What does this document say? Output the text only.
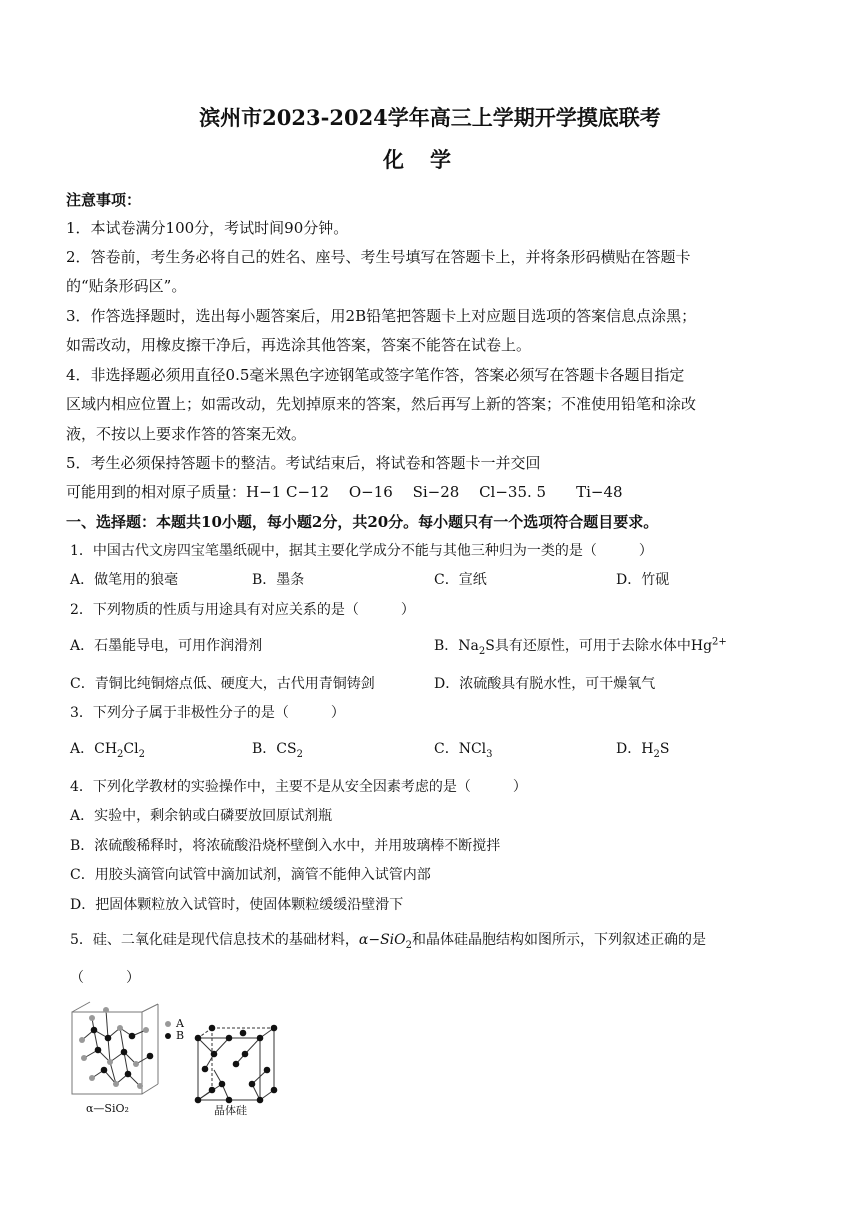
滨州市2023-2024学年高三上学期开学摸底联考
化学
注意事项：
1．本试卷满分100分，考试时间90分钟。
2．答卷前，考生务必将自己的姓名、座号、考生号填写在答题卡上，并将条形码横贴在答题卡
的“贴条形码区”。
3．作答选择题时，选出每小题答案后，用2B铅笔把答题卡上对应题目选项的答案信息点涂黑；
如需改动，用橡皮擦干净后，再选涂其他答案，答案不能答在试卷上。
4．非选择题必须用直径0.5毫米黑色字迹钢笔或签字笔作答，答案必须写在答题卡各题目指定
区域内相应位置上；如需改动，先划掉原来的答案，然后再写上新的答案；不准使用铅笔和涂改
液，不按以上要求作答的答案无效。
5．考生必须保持答题卡的整洁。考试结束后，将试卷和答题卡一并交回
可能用到的相对原子质量：H−1 C−12　 O−16　 Si−28　 Cl−35. 5　　Ti−48
一、选择题：本题共10小题，每小题2分，共20分。每小题只有一个选项符合题目要求。
1．中国古代文房四宝笔墨纸砚中，据其主要化学成分不能与其他三种归为一类的是（　　　）
A．做笔用的狼毫	B．墨条	C．宣纸	D．竹砚
2．下列物质的性质与用途具有对应关系的是（　　　）
A．石墨能导电，可用作润滑剂	B．$Na_2S$具有还原性，可用于去除水体中$Hg^{2+}$
C．青铜比纯铜熔点低、硬度大，古代用青铜铸剑	D．浓硫酸具有脱水性，可干燥氧气
3．下列分子属于非极性分子的是（　　　）
A．$CH_2Cl_2$	B．$CS_2$	C．NCl$_3$	D．$H_2S$
4．下列化学教材的实验操作中，主要不是从安全因素考虑的是（　　　）
A．实验中，剩余钠或白磷要放回原试剂瓶
B．浓硫酸稀释时，将浓硫酸沿烧杯壁倒入水中，并用玻璃棒不断搅拌
C．用胶头滴管向试管中滴加试剂，滴管不能伸入试管内部
D．把固体颗粒放入试管时，使固体颗粒缓缓沿壁滑下
5．硅、二氧化硅是现代信息技术的基础材料，α−SiO$_2$和晶体硅晶胞结构如图所示，下列叙述正确的是
（　　　）
A
B
α—SiO₂	晶体硅
